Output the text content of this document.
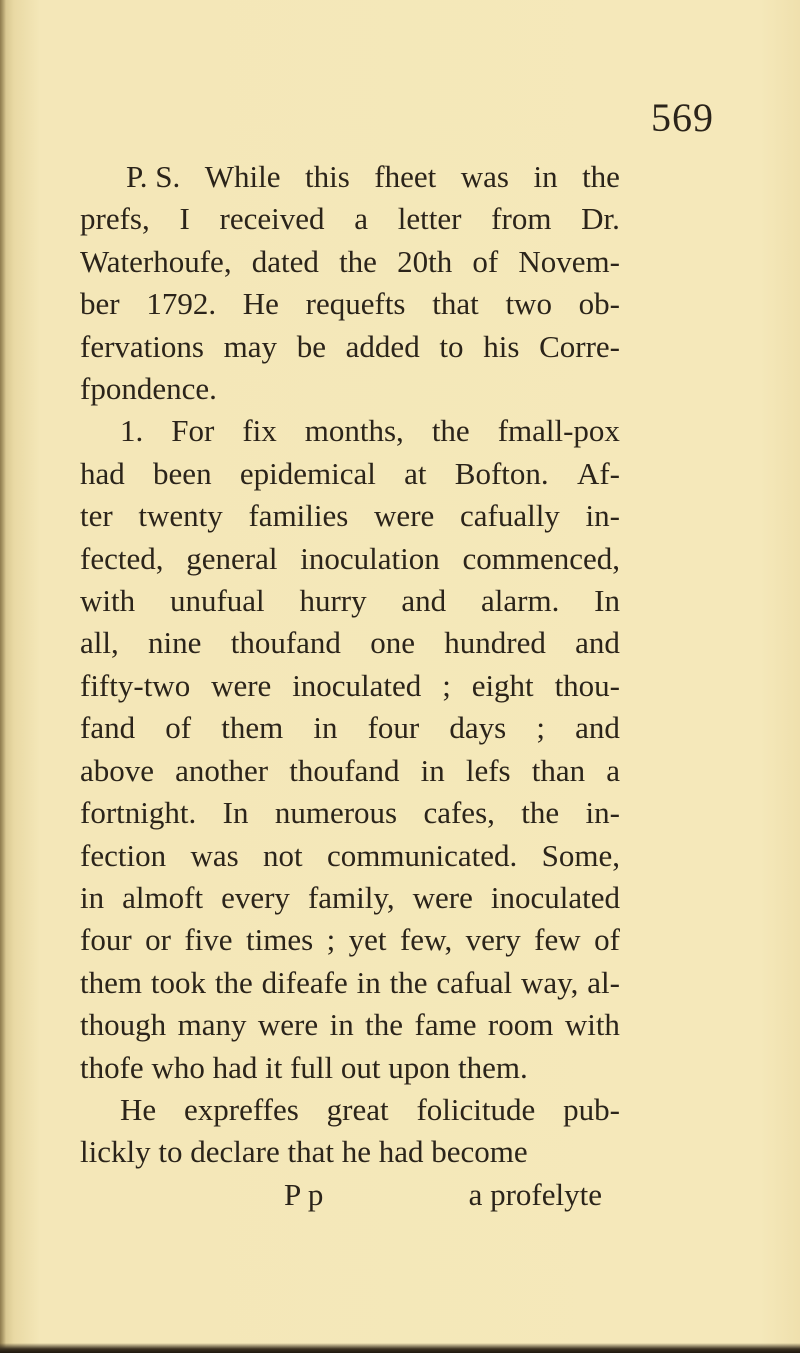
569

P. S. While this fheet was in the
prefs, I received a letter from Dr.
Waterhoufe, dated the 20th of Novem-
ber 1792. He requefts that two ob-
fervations may be added to his Corre-
fpondence.
1. For fix months, the fmall-pox
had been epidemical at Bofton. Af-
ter twenty families were cafually in-
fected, general inoculation commenced,
with unufual hurry and alarm. In
all, nine thoufand one hundred and
fifty-two were inoculated ; eight thou-
fand of them in four days ; and
above another thoufand in lefs than a
fortnight. In numerous cafes, the in-
fection was not communicated. Some,
in almoft every family, were inoculated
four or five times ; yet few, very few of
them took the difeafe in the cafual way, al-
though many were in the fame room with
thofe who had it full out upon them.
He expreffes great folicitude pub-
lickly to declare that he had become
P p	a profelyte
